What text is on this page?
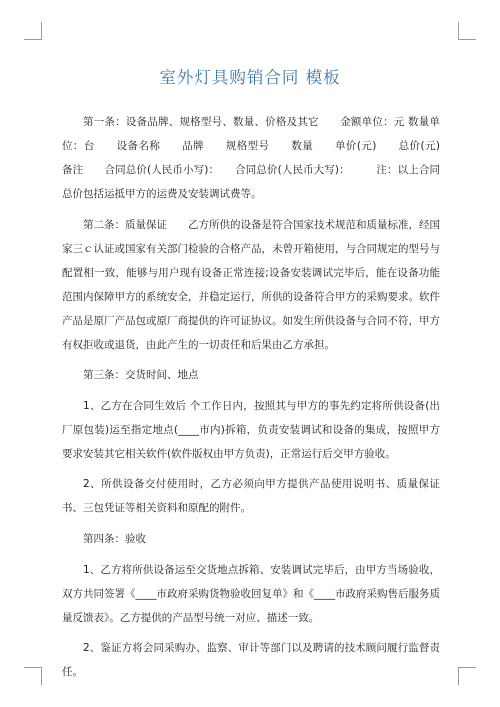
室外灯具购销合同 模板

第一条：设备品牌、规格型号、数量、价格及其它　　金额单位：元 数量单位：台　　设备名称　　品牌　　规格型号　　数量　　单价(元)　　总价(元)　　备注　　合同总价(人民币小写)：　　合同总价(人民币大写)：　　　注：以上合同总价包括运抵甲方的运费及安装调试费等。

第二条：质量保证　　乙方所供的设备是符合国家技术规范和质量标准，经国家三ｃ认证或国家有关部门检验的合格产品，未曾开箱使用，与合同规定的型号与配置相一致，能够与用户现有设备正常连接;设备安装调试完毕后，能在设备功能范围内保障甲方的系统安全，并稳定运行，所供的设备符合甲方的采购要求。软件产品是原厂产品包或原厂商提供的许可证协议。如发生所供设备与合同不符，甲方有权拒收或退货，由此产生的一切责任和后果由乙方承担。

第三条：交货时间、地点

1、乙方在合同生效后 个工作日内，按照其与甲方的事先约定将所供设备(出厂原包装)运至指定地点(____市内)拆箱，负责安装调试和设备的集成，按照甲方要求安装其它相关软件(软件版权由甲方负责)，正常运行后交甲方验收。

2、所供设备交付使用时，乙方必须向甲方提供产品使用说明书、质量保证书、三包凭证等相关资料和原配的附件。

第四条：验收

1、乙方将所供设备运至交货地点拆箱、安装调试完毕后，由甲方当场验收，双方共同签署《____市政府采购货物验收回复单》和《____市政府采购售后服务质量反馈表》。乙方提供的产品型号统一对应、描述一致。

2、鉴证方将会同采购办、监察、审计等部门以及聘请的技术顾问履行监督责任。
